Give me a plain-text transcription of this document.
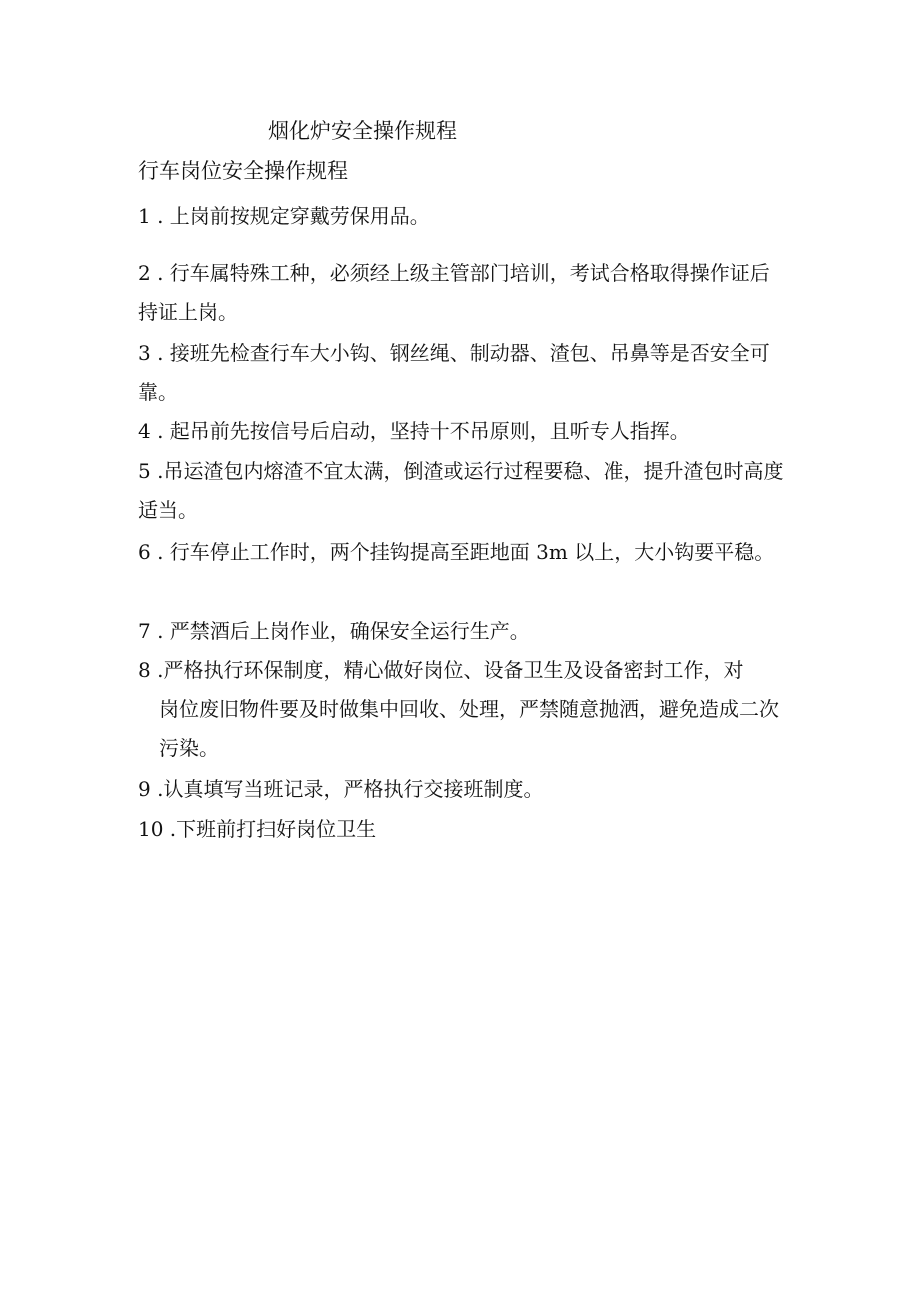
烟化炉安全操作规程
行车岗位安全操作规程
1 . 上岗前按规定穿戴劳保用品。
2 . 行车属特殊工种，必须经上级主管部门培训，考试合格取得操作证后持证上岗。
3 . 接班先检查行车大小钩、钢丝绳、制动器、渣包、吊鼻等是否安全可靠。
4 . 起吊前先按信号后启动，坚持十不吊原则，且听专人指挥。
5 .吊运渣包内熔渣不宜太满，倒渣或运行过程要稳、准，提升渣包时高度适当。
6 . 行车停止工作时，两个挂钩提高至距地面 3m 以上，大小钩要平稳。
7 . 严禁酒后上岗作业，确保安全运行生产。
8 .严格执行环保制度，精心做好岗位、设备卫生及设备密封工作，对
岗位废旧物件要及时做集中回收、处理，严禁随意抛洒，避免造成二次污染。
9 .认真填写当班记录，严格执行交接班制度。
10 .下班前打扫好岗位卫生
